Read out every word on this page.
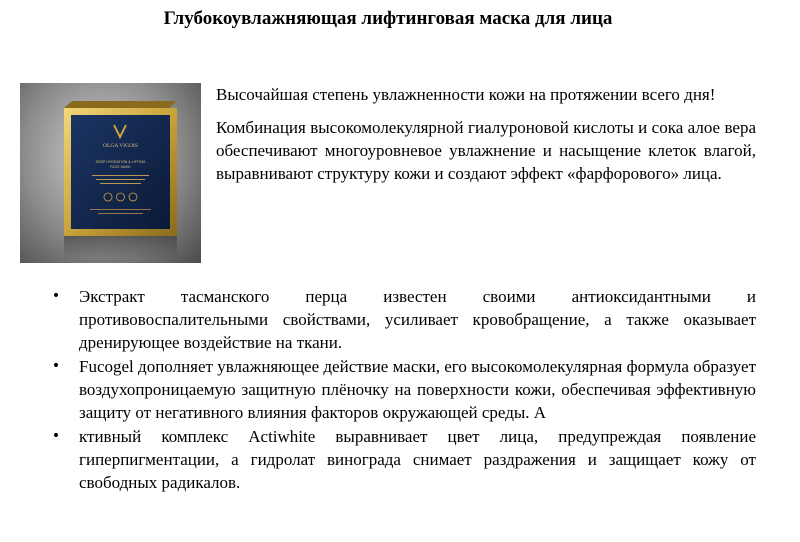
Глубокоувлажняющая лифтинговая маска для лица
OLGA VIGOIS
DEEP HYDRATION & LIFTING
FACE MASK

Высочайшая степень увлажненности кожи на протяжении всего дня!

Комбинация высокомолекулярной гиалуроновой кислоты и сока алое вера обеспечивают многоуровневое увлажнение и насыщение клеток влагой, выравнивают структуру кожи и создают эффект «фарфорового» лица.

• Экстракт тасманского перца известен своими антиоксидантными и противовоспалительными свойствами, усиливает кровобращение, а также оказывает дренирующее воздействие на ткани.
• Fucogel дополняет увлажняющее действие маски, его высокомолекулярная формула образует воздухопроницаемую защитную плёночку на поверхности кожи, обеспечивая эффективную защиту от негативного влияния факторов окружающей среды. А
• ктивный комплекс Actiwhite выравнивает цвет лица, предупреждая появление гиперпигментации, а гидролат винограда снимает раздражения и защищает кожу от свободных радикалов.
